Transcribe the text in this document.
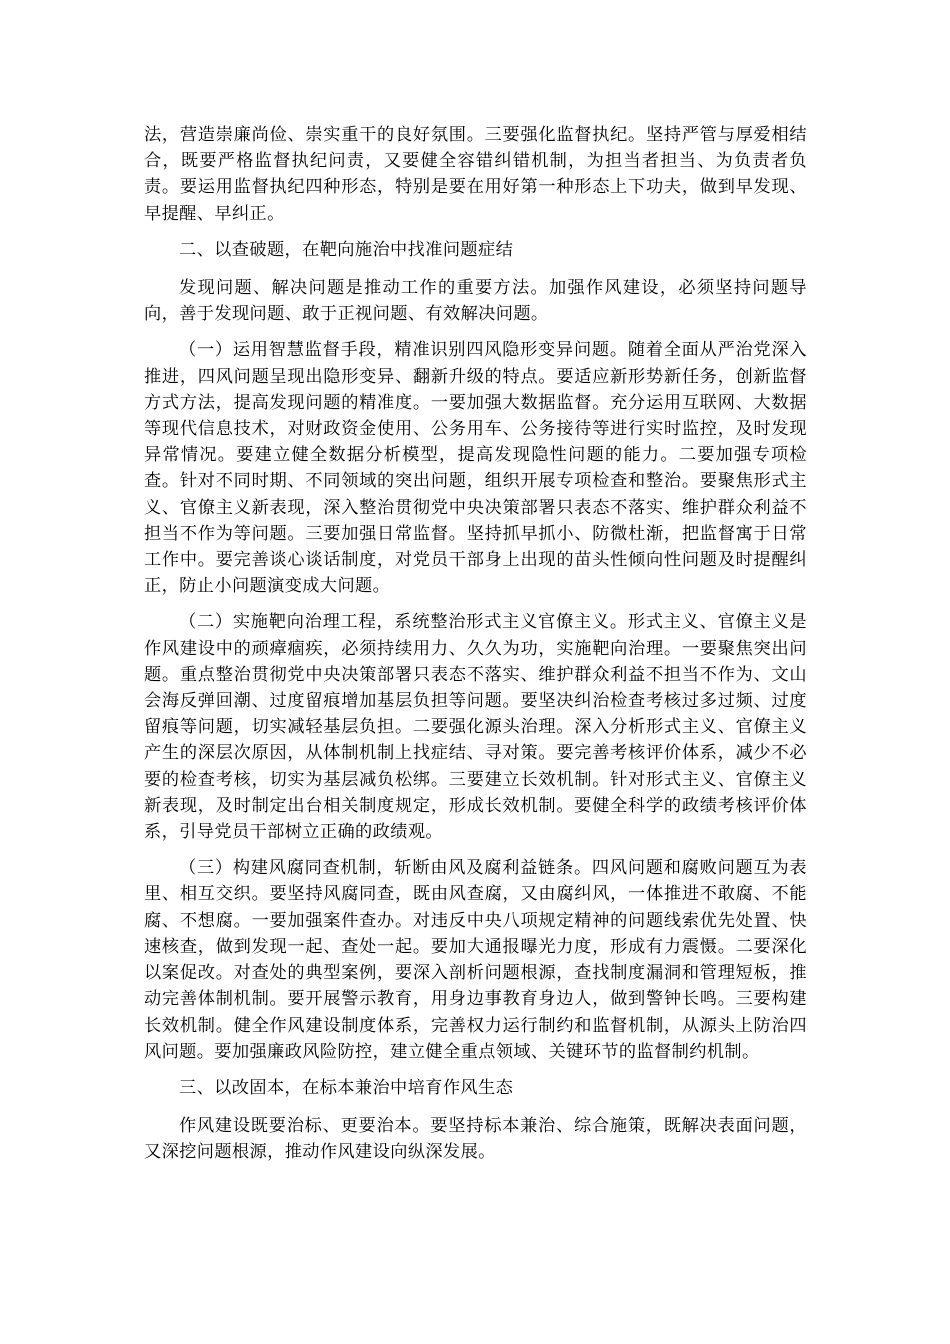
法，营造崇廉尚俭、崇实重干的良好氛围。三要强化监督执纪。坚持严管与厚爱相结合，既要严格监督执纪问责，又要健全容错纠错机制，为担当者担当、为负责者负责。要运用监督执纪四种形态，特别是要在用好第一种形态上下功夫，做到早发现、早提醒、早纠正。

二、以查破题，在靶向施治中找准问题症结

发现问题、解决问题是推动工作的重要方法。加强作风建设，必须坚持问题导向，善于发现问题、敢于正视问题、有效解决问题。

（一）运用智慧监督手段，精准识别四风隐形变异问题。随着全面从严治党深入推进，四风问题呈现出隐形变异、翻新升级的特点。要适应新形势新任务，创新监督方式方法，提高发现问题的精准度。一要加强大数据监督。充分运用互联网、大数据等现代信息技术，对财政资金使用、公务用车、公务接待等进行实时监控，及时发现异常情况。要建立健全数据分析模型，提高发现隐性问题的能力。二要加强专项检查。针对不同时期、不同领域的突出问题，组织开展专项检查和整治。要聚焦形式主义、官僚主义新表现，深入整治贯彻党中央决策部署只表态不落实、维护群众利益不担当不作为等问题。三要加强日常监督。坚持抓早抓小、防微杜渐，把监督寓于日常工作中。要完善谈心谈话制度，对党员干部身上出现的苗头性倾向性问题及时提醒纠正，防止小问题演变成大问题。

（二）实施靶向治理工程，系统整治形式主义官僚主义。形式主义、官僚主义是作风建设中的顽瘴痼疾，必须持续用力、久久为功，实施靶向治理。一要聚焦突出问题。重点整治贯彻党中央决策部署只表态不落实、维护群众利益不担当不作为、文山会海反弹回潮、过度留痕增加基层负担等问题。要坚决纠治检查考核过多过频、过度留痕等问题，切实减轻基层负担。二要强化源头治理。深入分析形式主义、官僚主义产生的深层次原因，从体制机制上找症结、寻对策。要完善考核评价体系，减少不必要的检查考核，切实为基层减负松绑。三要建立长效机制。针对形式主义、官僚主义新表现，及时制定出台相关制度规定，形成长效机制。要健全科学的政绩考核评价体系，引导党员干部树立正确的政绩观。

（三）构建风腐同查机制，斩断由风及腐利益链条。四风问题和腐败问题互为表里、相互交织。要坚持风腐同查，既由风查腐，又由腐纠风，一体推进不敢腐、不能腐、不想腐。一要加强案件查办。对违反中央八项规定精神的问题线索优先处置、快速核查，做到发现一起、查处一起。要加大通报曝光力度，形成有力震慑。二要深化以案促改。对查处的典型案例，要深入剖析问题根源，查找制度漏洞和管理短板，推动完善体制机制。要开展警示教育，用身边事教育身边人，做到警钟长鸣。三要构建长效机制。健全作风建设制度体系，完善权力运行制约和监督机制，从源头上防治四风问题。要加强廉政风险防控，建立健全重点领域、关键环节的监督制约机制。

三、以改固本，在标本兼治中培育作风生态

作风建设既要治标、更要治本。要坚持标本兼治、综合施策，既解决表面问题，又深挖问题根源，推动作风建设向纵深发展。
